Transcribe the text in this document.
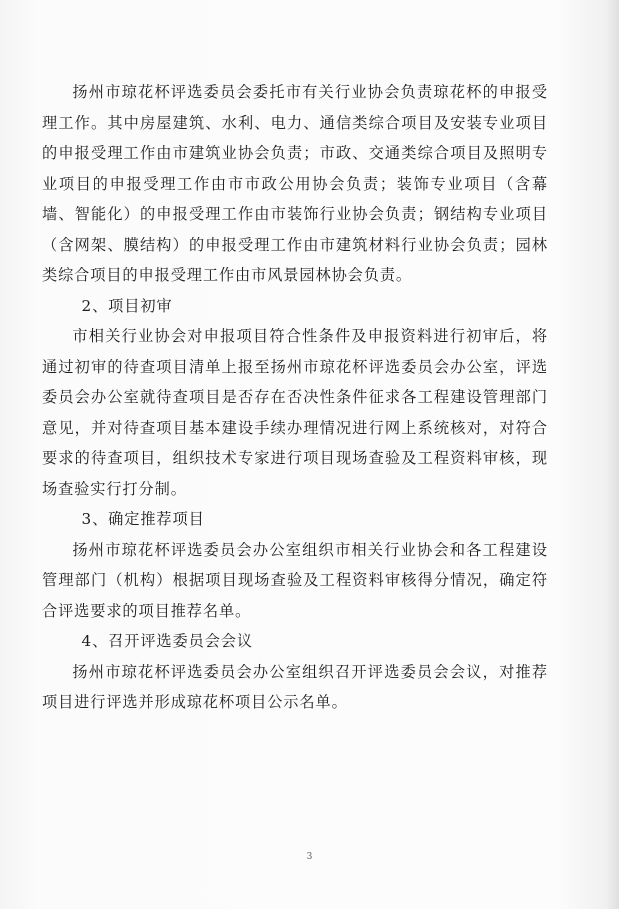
扬州市琼花杯评选委员会委托市有关行业协会负责琼花杯的申报受理工作。其中房屋建筑、水利、电力、通信类综合项目及安装专业项目的申报受理工作由市建筑业协会负责；市政、交通类综合项目及照明专业项目的申报受理工作由市市政公用协会负责；装饰专业项目（含幕墙、智能化）的申报受理工作由市装饰行业协会负责；钢结构专业项目（含网架、膜结构）的申报受理工作由市建筑材料行业协会负责；园林类综合项目的申报受理工作由市风景园林协会负责。

2、项目初审

市相关行业协会对申报项目符合性条件及申报资料进行初审后，将通过初审的待查项目清单上报至扬州市琼花杯评选委员会办公室，评选委员会办公室就待查项目是否存在否决性条件征求各工程建设管理部门意见，并对待查项目基本建设手续办理情况进行网上系统核对，对符合要求的待查项目，组织技术专家进行项目现场查验及工程资料审核，现场查验实行打分制。

3、确定推荐项目

扬州市琼花杯评选委员会办公室组织市相关行业协会和各工程建设管理部门（机构）根据项目现场查验及工程资料审核得分情况，确定符合评选要求的项目推荐名单。

4、召开评选委员会会议

扬州市琼花杯评选委员会办公室组织召开评选委员会会议，对推荐项目进行评选并形成琼花杯项目公示名单。

3
